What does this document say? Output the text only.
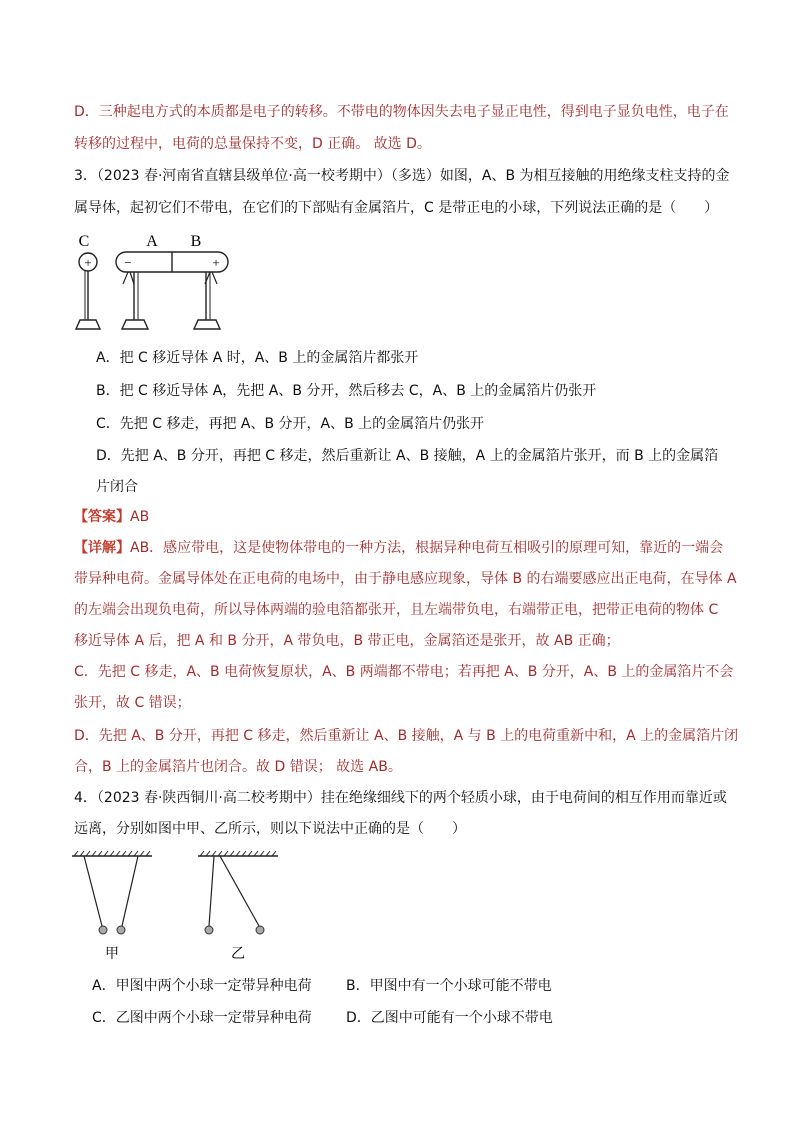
D．三种起电方式的本质都是电子的转移。不带电的物体因失去电子显正电性，得到电子显负电性，电子在
转移的过程中，电荷的总量保持不变，D 正确。 故选 D。
3．（2023 春·河南省直辖县级单位·高一校考期中）（多选）如图，A、B 为相互接触的用绝缘支柱支持的金
属导体，起初它们不带电，在它们的下部贴有金属箔片，C 是带正电的小球，下列说法正确的是（　　）
C	A B
+	−	+
A．把 C 移近导体 A 时，A、B 上的金属箔片都张开
B．把 C 移近导体 A，先把 A、B 分开，然后移去 C，A、B 上的金属箔片仍张开
C．先把 C 移走，再把 A、B 分开，A、B 上的金属箔片仍张开
D．先把 A、B 分开，再把 C 移走，然后重新让 A、B 接触，A 上的金属箔片张开，而 B 上的金属箔
片闭合
【答案】AB
【详解】AB．感应带电，这是使物体带电的一种方法，根据异种电荷互相吸引的原理可知，靠近的一端会
带异种电荷。金属导体处在正电荷的电场中，由于静电感应现象，导体 B 的右端要感应出正电荷，在导体 A
的左端会出现负电荷，所以导体两端的验电箔都张开，且左端带负电，右端带正电，把带正电荷的物体 C
移近导体 A 后，把 A 和 B 分开，A 带负电，B 带正电，金属箔还是张开，故 AB 正确；
C．先把 C 移走，A、B 电荷恢复原状，A、B 两端都不带电；若再把 A、B 分开，A、B 上的金属箔片不会
张开，故 C 错误；
D．先把 A、B 分开，再把 C 移走，然后重新让 A、B 接触，A 与 B 上的电荷重新中和，A 上的金属箔片闭
合，B 上的金属箔片也闭合。故 D 错误； 故选 AB。
4．（2023 春·陕西铜川·高二校考期中）挂在绝缘细线下的两个轻质小球，由于电荷间的相互作用而靠近或
远离，分别如图中甲、乙所示，则以下说法中正确的是（　　）
甲	乙
A．甲图中两个小球一定带异种电荷 B．甲图中有一个小球可能不带电
C．乙图中两个小球一定带异种电荷 D．乙图中可能有一个小球不带电
